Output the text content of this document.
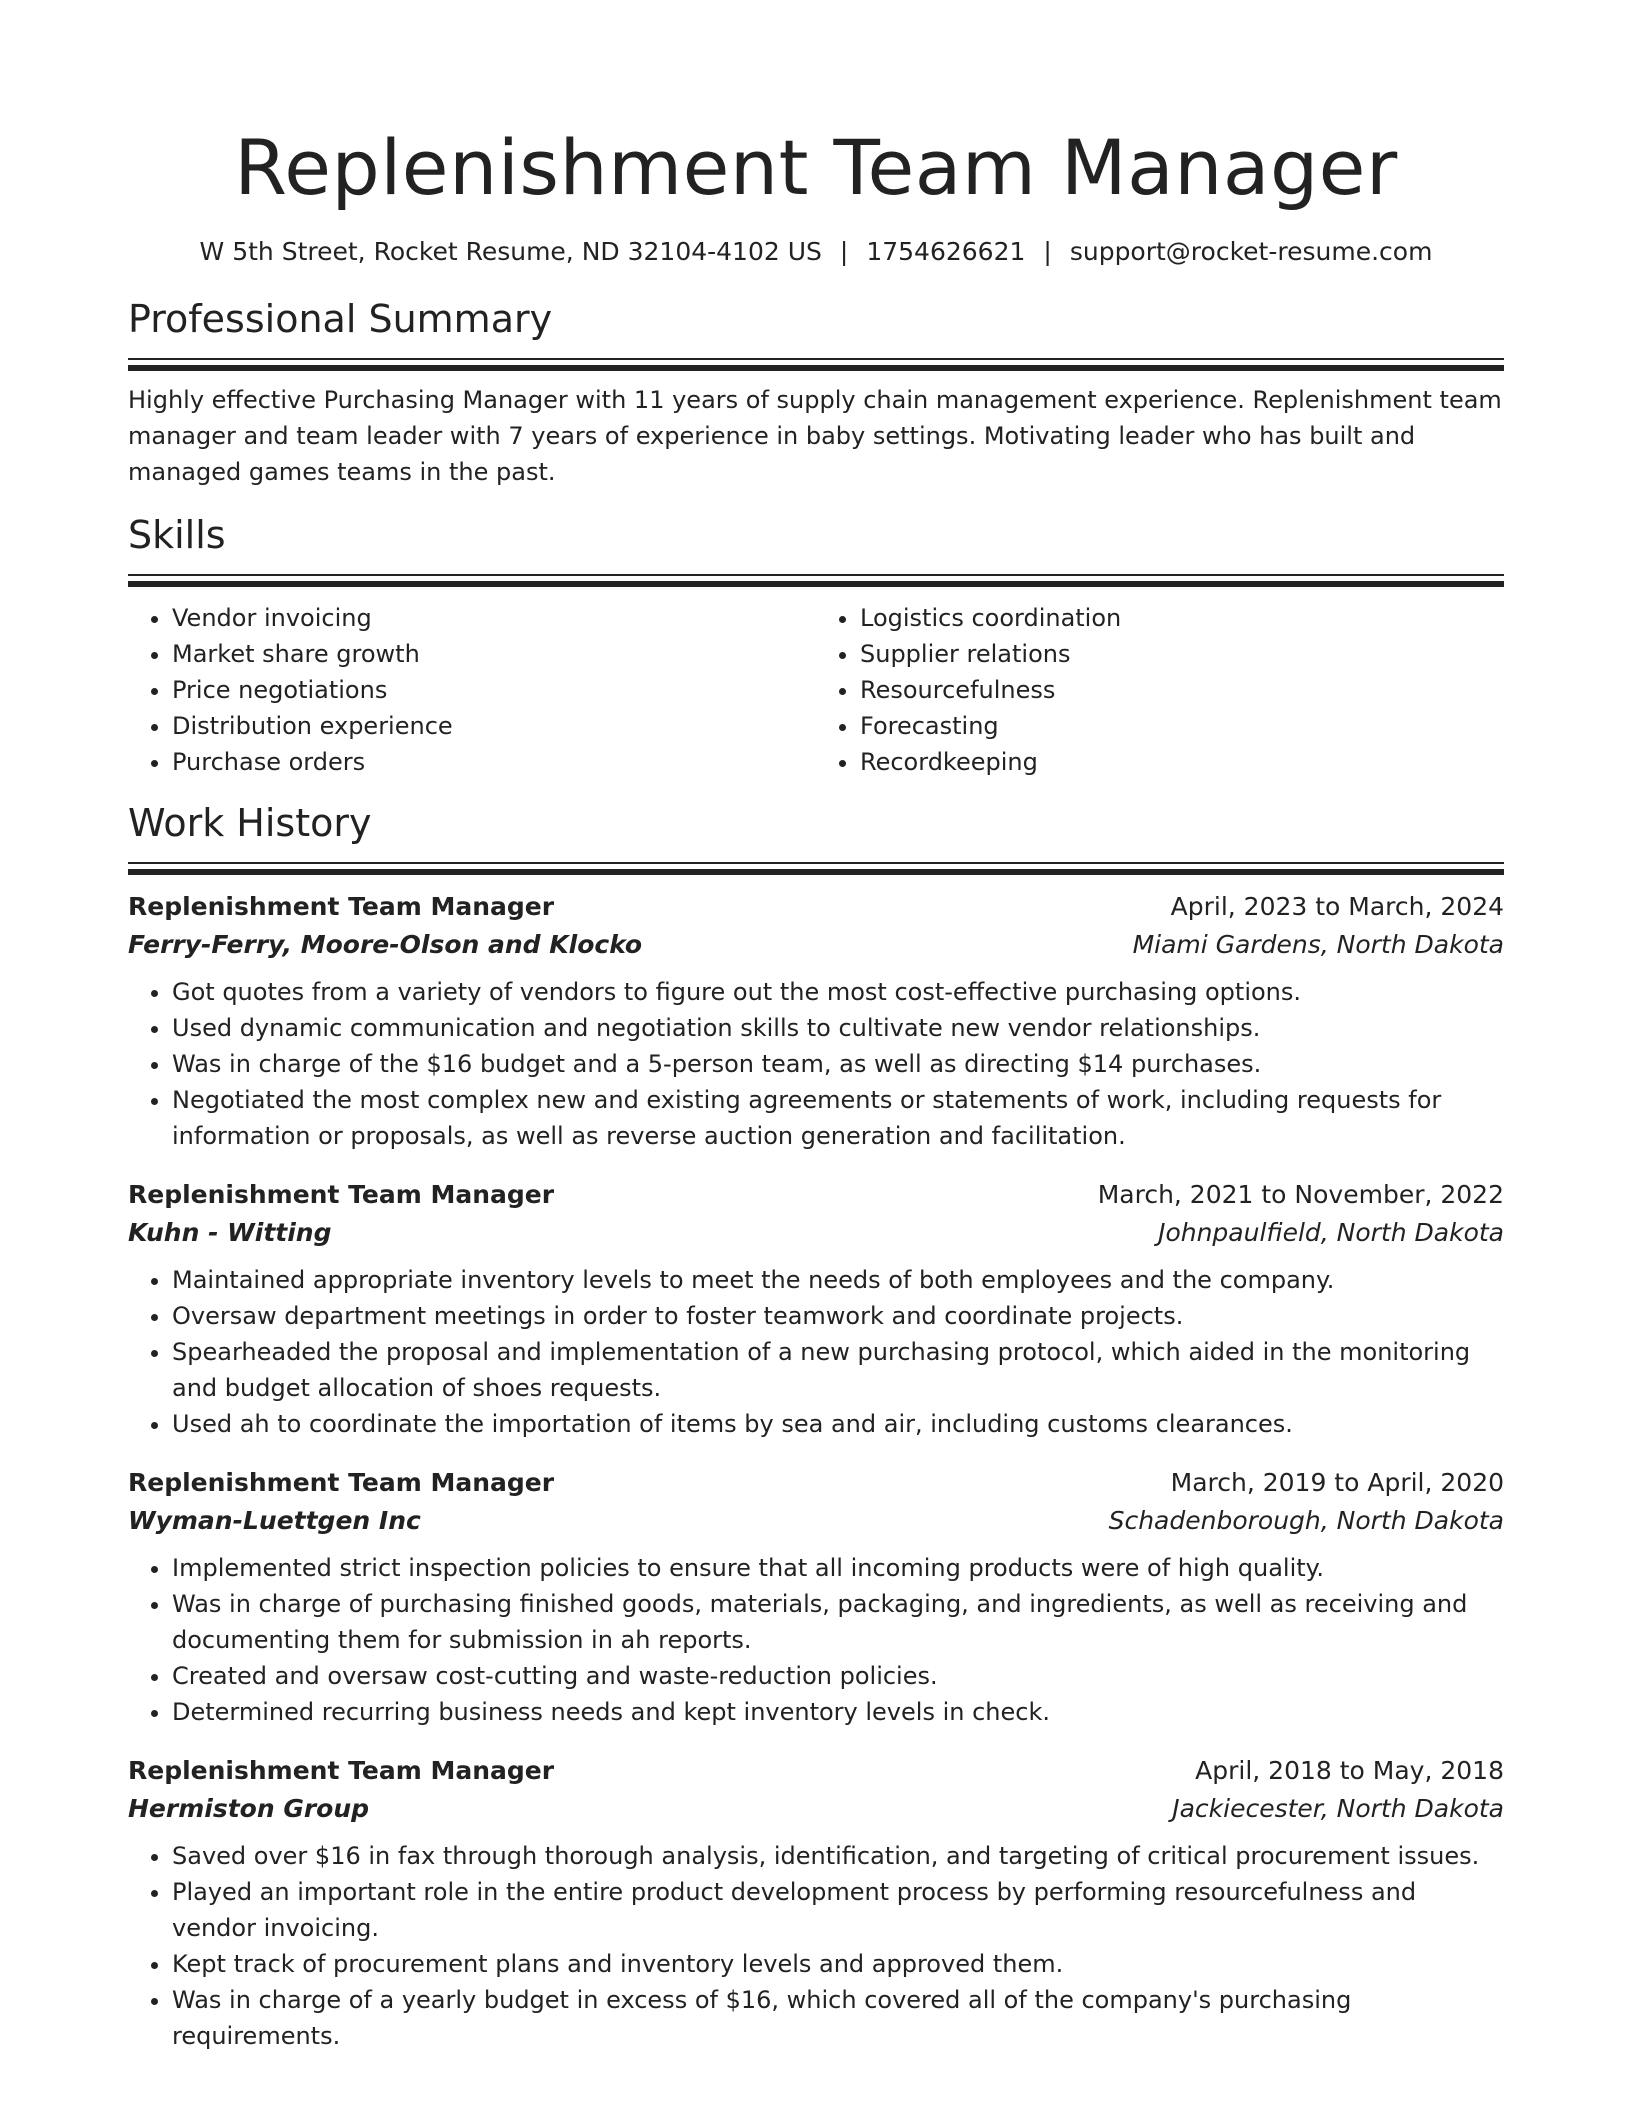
Replenishment Team Manager
W 5th Street, Rocket Resume, ND 32104-4102 US | 1754626621 | support@rocket-resume.com
Professional Summary

Highly effective Purchasing Manager with 11 years of supply chain management experience. Replenishment team manager and team leader with 7 years of experience in baby settings. Motivating leader who has built and managed games teams in the past.

Skills
• Vendor invoicing
• Market share growth
• Price negotiations
• Distribution experience
• Purchase orders
• Logistics coordination
• Supplier relations
• Resourcefulness
• Forecasting
• Recordkeeping
Work History
Replenishment Team Manager	April, 2023 to March, 2024
Ferry-Ferry, Moore-Olson and Klocko	Miami Gardens, North Dakota
• Got quotes from a variety of vendors to figure out the most cost-effective purchasing options.
• Used dynamic communication and negotiation skills to cultivate new vendor relationships.
• Was in charge of the $16 budget and a 5-person team, as well as directing $14 purchases.
• Negotiated the most complex new and existing agreements or statements of work, including requests for information or proposals, as well as reverse auction generation and facilitation.
Replenishment Team Manager	March, 2021 to November, 2022
Kuhn - Witting	Johnpaulfield, North Dakota
• Maintained appropriate inventory levels to meet the needs of both employees and the company.
• Oversaw department meetings in order to foster teamwork and coordinate projects.
• Spearheaded the proposal and implementation of a new purchasing protocol, which aided in the monitoring and budget allocation of shoes requests.
• Used ah to coordinate the importation of items by sea and air, including customs clearances.
Replenishment Team Manager	March, 2019 to April, 2020
Wyman-Luettgen Inc	Schadenborough, North Dakota
• Implemented strict inspection policies to ensure that all incoming products were of high quality.
• Was in charge of purchasing finished goods, materials, packaging, and ingredients, as well as receiving and documenting them for submission in ah reports.
• Created and oversaw cost-cutting and waste-reduction policies.
• Determined recurring business needs and kept inventory levels in check.
Replenishment Team Manager	April, 2018 to May, 2018
Hermiston Group	Jackiecester, North Dakota
• Saved over $16 in fax through thorough analysis, identification, and targeting of critical procurement issues.
• Played an important role in the entire product development process by performing resourcefulness and vendor invoicing.
• Kept track of procurement plans and inventory levels and approved them.
• Was in charge of a yearly budget in excess of $16, which covered all of the company's purchasing requirements.
